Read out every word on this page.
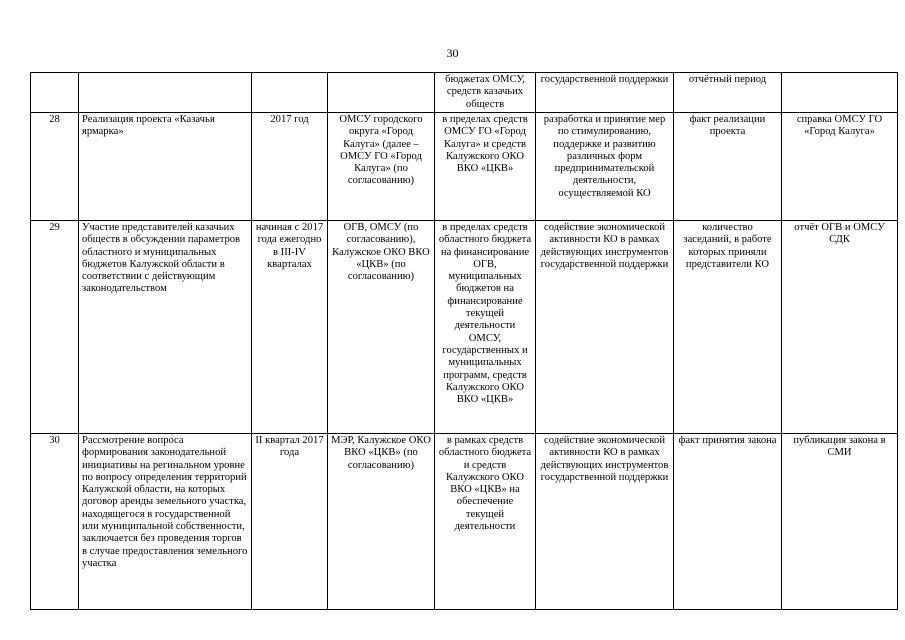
30
				бюджетах ОМСУ, средств казачьих обществ	государственной поддержки	отчётный период	
28	Реализация проекта «Казачья ярмарка»	2017 год	ОМСУ городского округа «Город Калуга» (далее – ОМСУ ГО «Город Калуга» (по согласованию)	в пределах средств ОМСУ ГО «Город Калуга» и средств Калужского ОКО ВКО «ЦКВ»	разработка и принятие мер по стимулированию, поддержке и развитию различных форм предпринимательской деятельности, осуществляемой КО	факт реализации проекта	справка ОМСУ ГО «Город Калуга»
29	Участие представителей казачьих обществ в обсуждении параметров областного и муниципальных бюджетов Калужской области в соответствии с действующим законодательством	начиная с 2017 года ежегодно в III-IV кварталах	ОГВ, ОМСУ (по согласованию), Калужское ОКО ВКО «ЦКВ» (по согласованию)	в пределах средств областного бюджета на финансирование ОГВ, муниципальных бюджетов на финансирование текущей деятельности ОМСУ, государственных и муниципальных программ, средств Калужского ОКО ВКО «ЦКВ»	содействие экономической активности КО в рамках действующих инструментов государственной поддержки	количество заседаний, в работе которых приняли представители КО	отчёт ОГВ и ОМСУ СДК
30	Рассмотрение вопроса формирования законодательной инициативы на регинальном уровне по вопросу определения территорий Калужской области, на которых договор аренды земельного участка, находящегося в государственной или муниципальной собственности, заключается без проведения торгов в случае предоставления земельного участка	II квартал 2017 года	МЭР, Калужское ОКО ВКО «ЦКВ» (по согласованию)	в рамках средств областного бюджета и средств Калужского ОКО ВКО «ЦКВ» на обеспечение текущей деятельности	содействие экономической активности КО в рамках действующих инструментов государственной поддержки	факт принятия закона	публикация закона в СМИ
